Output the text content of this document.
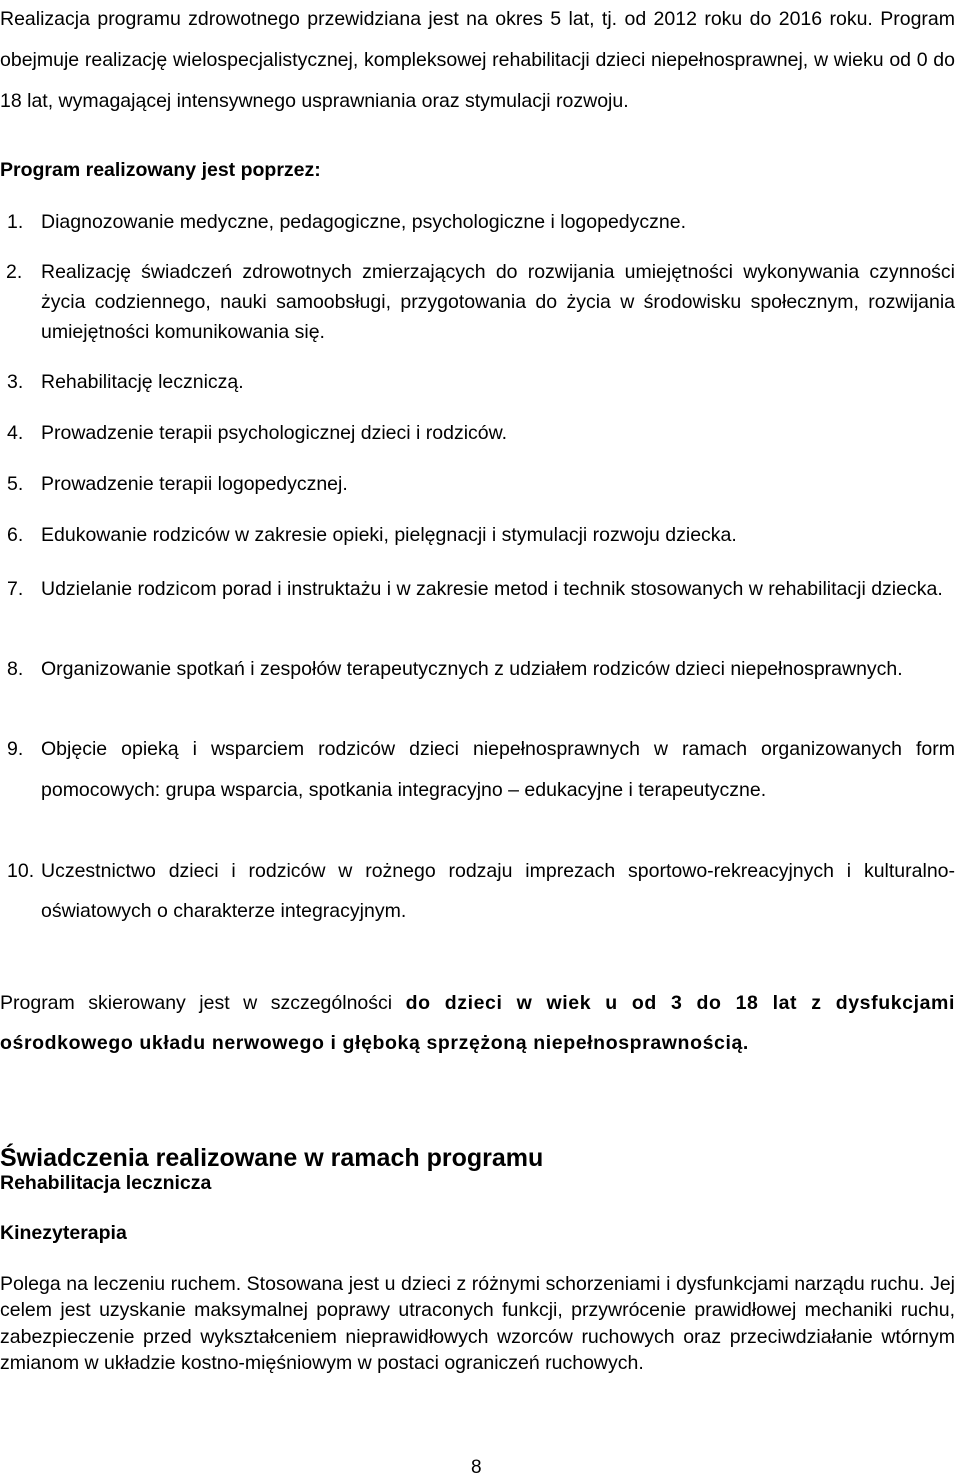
Realizacja programu zdrowotnego przewidziana jest na okres 5 lat, tj. od 2012 roku do 2016 roku. Program obejmuje realizację wielospecjalistycznej, kompleksowej rehabilitacji dzieci niepełnosprawnej, w wieku od 0 do 18 lat, wymagającej intensywnego usprawniania oraz stymulacji rozwoju.

Program realizowany jest poprzez:

1. Diagnozowanie medyczne, pedagogiczne, psychologiczne i logopedyczne.
2. Realizację świadczeń zdrowotnych zmierzających do rozwijania umiejętności wykonywania czynności życia codziennego, nauki samoobsługi, przygotowania do życia w środowisku społecznym, rozwijania umiejętności komunikowania się.
3. Rehabilitację leczniczą.
4. Prowadzenie terapii psychologicznej dzieci i rodziców.
5. Prowadzenie terapii logopedycznej.
6. Edukowanie rodziców w zakresie opieki, pielęgnacji i stymulacji rozwoju dziecka.
7. Udzielanie rodzicom porad i instruktażu i w zakresie metod i technik stosowanych w rehabilitacji dziecka.
8. Organizowanie spotkań i zespołów terapeutycznych z udziałem rodziców dzieci niepełnosprawnych.
9. Objęcie opieką i wsparciem rodziców dzieci niepełnosprawnych w ramach organizowanych form pomocowych: grupa wsparcia, spotkania integracyjno – edukacyjne i terapeutyczne.
10. Uczestnictwo dzieci i rodziców w rożnego rodzaju imprezach sportowo-rekreacyjnych i kulturalno-oświatowych o charakterze integracyjnym.

Program skierowany jest w szczególności do dzieci w wiek u od 3 do 18 lat z dysfukcjami ośrodkowego układu nerwowego i głęboką sprzężoną niepełnosprawnością.

Świadczenia realizowane w ramach programu
Rehabilitacja lecznicza
Kinezyterapia

Polega na leczeniu ruchem. Stosowana jest u dzieci z różnymi schorzeniami i dysfunkcjami narządu ruchu. Jej celem jest uzyskanie maksymalnej poprawy utraconych funkcji, przywrócenie prawidłowej mechaniki ruchu, zabezpieczenie przed wykształceniem nieprawidłowych wzorców ruchowych oraz przeciwdziałanie wtórnym zmianom w układzie kostno-mięśniowym w postaci ograniczeń ruchowych.

8
